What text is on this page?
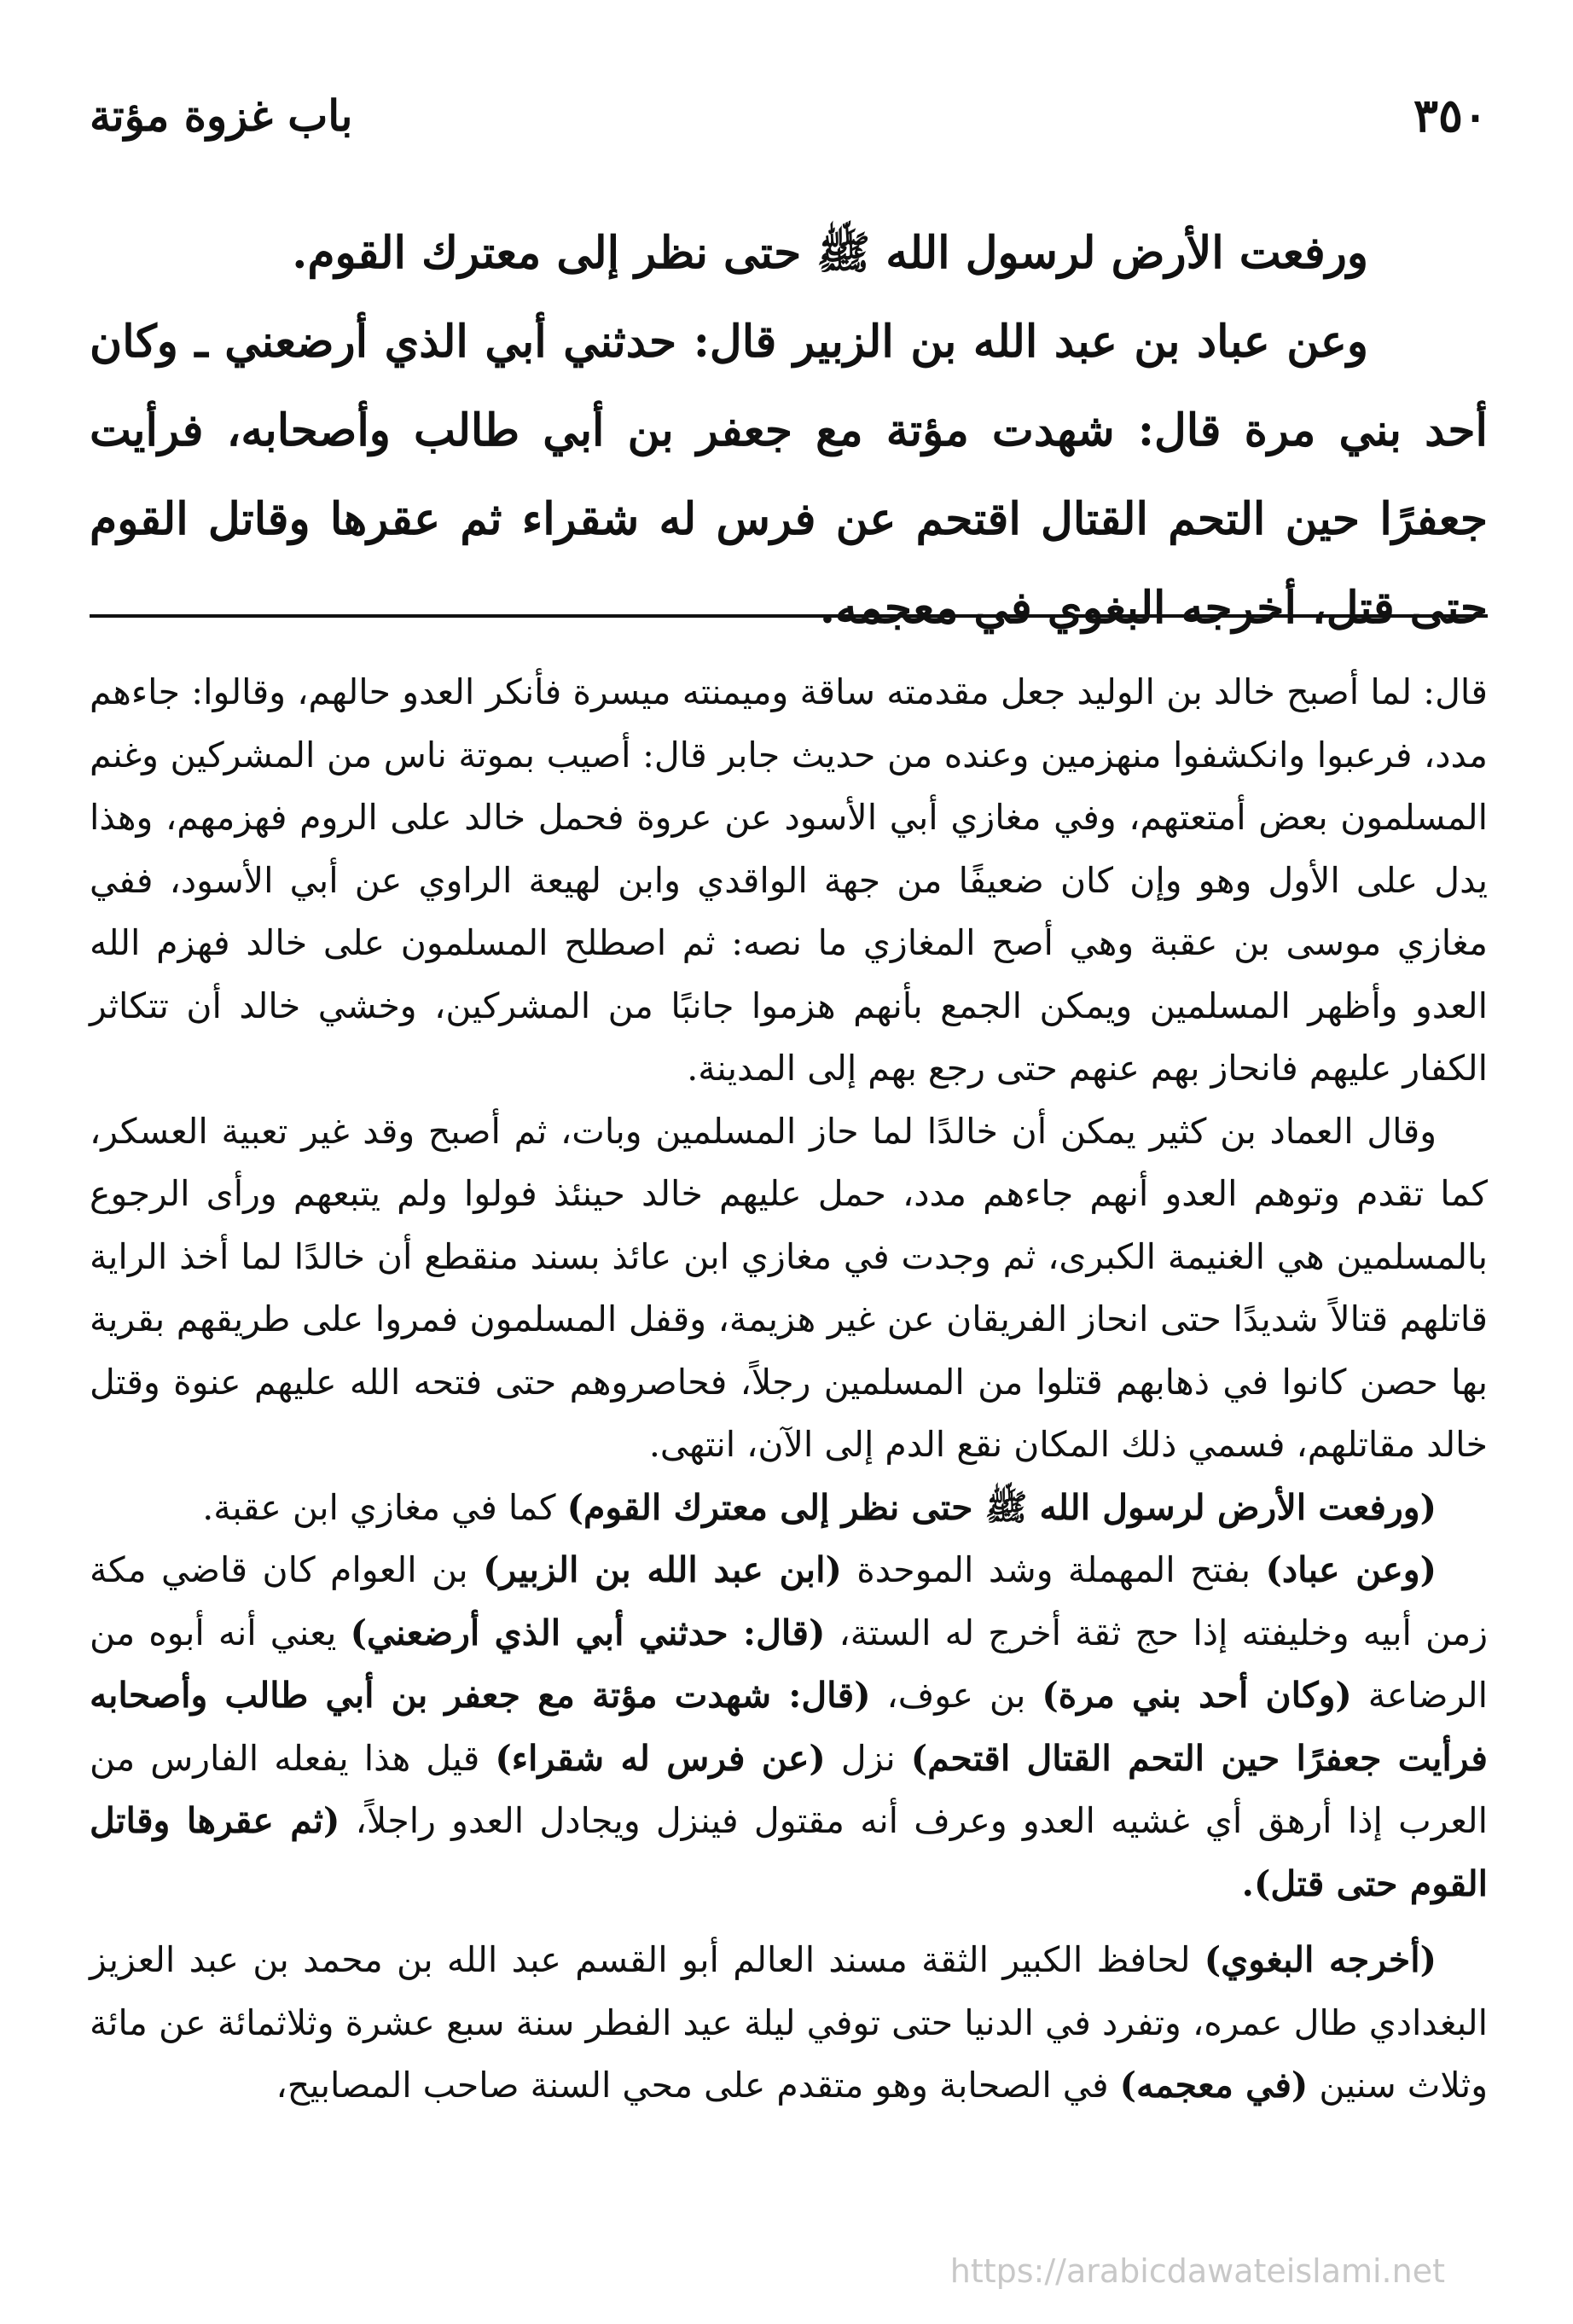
٣٥٠
باب غزوة مؤتة

ورفعت الأرض لرسول الله ﷺ حتى نظر إلى معترك القوم.

وعن عباد بن عبد الله بن الزبير قال: حدثني أبي الذي أرضعني ـ وكان أحد بني مرة قال: شهدت مؤتة مع جعفر بن أبي طالب وأصحابه، فرأيت جعفرًا حين التحم القتال اقتحم عن فرس له شقراء ثم عقرها وقاتل القوم حتى قتل، أخرجه البغوي في معجمه.

قال: لما أصبح خالد بن الوليد جعل مقدمته ساقة وميمنته ميسرة فأنكر العدو حالهم، وقالوا: جاءهم مدد، فرعبوا وانكشفوا منهزمين وعنده من حديث جابر قال: أصيب بموتة ناس من المشركين وغنم المسلمون بعض أمتعتهم، وفي مغازي أبي الأسود عن عروة فحمل خالد على الروم فهزمهم، وهذا يدل على الأول وهو وإن كان ضعيفًا من جهة الواقدي وابن لهيعة الراوي عن أبي الأسود، ففي مغازي موسى بن عقبة وهي أصح المغازي ما نصه: ثم اصطلح المسلمون على خالد فهزم الله العدو وأظهر المسلمين ويمكن الجمع بأنهم هزموا جانبًا من المشركين، وخشي خالد أن تتكاثر الكفار عليهم فانحاز بهم عنهم حتى رجع بهم إلى المدينة.

وقال العماد بن كثير يمكن أن خالدًا لما حاز المسلمين وبات، ثم أصبح وقد غير تعبية العسكر، كما تقدم وتوهم العدو أنهم جاءهم مدد، حمل عليهم خالد حينئذ فولوا ولم يتبعهم ورأى الرجوع بالمسلمين هي الغنيمة الكبرى، ثم وجدت في مغازي ابن عائذ بسند منقطع أن خالدًا لما أخذ الراية قاتلهم قتالاً شديدًا حتى انحاز الفريقان عن غير هزيمة، وقفل المسلمون فمروا على طريقهم بقرية بها حصن كانوا في ذهابهم قتلوا من المسلمين رجلاً، فحاصروهم حتى فتحه الله عليهم عنوة وقتل خالد مقاتلهم، فسمي ذلك المكان نقع الدم إلى الآن، انتهى.

(ورفعت الأرض لرسول الله ﷺ حتى نظر إلى معترك القوم) كما في مغازي ابن عقبة.

(وعن عباد) بفتح المهملة وشد الموحدة (ابن عبد الله بن الزبير) بن العوام كان قاضي مكة زمن أبيه وخليفته إذا حج ثقة أخرج له الستة، (قال: حدثني أبي الذي أرضعني) يعني أنه أبوه من الرضاعة (وكان أحد بني مرة) بن عوف، (قال: شهدت مؤتة مع جعفر بن أبي طالب وأصحابه فرأيت جعفرًا حين التحم القتال اقتحم) نزل (عن فرس له شقراء) قيل هذا يفعله الفارس من العرب إذا أرهق أي غشيه العدو وعرف أنه مقتول فينزل ويجادل العدو راجلاً، (ثم عقرها وقاتل القوم حتى قتل).

(أخرجه البغوي) لحافظ الكبير الثقة مسند العالم أبو القسم عبد الله بن محمد بن عبد العزيز البغدادي طال عمره، وتفرد في الدنيا حتى توفي ليلة عيد الفطر سنة سبع عشرة وثلاثمائة عن مائة وثلاث سنين (في معجمه) في الصحابة وهو متقدم على محي السنة صاحب المصابيح،

https://arabicdawateislami.net
